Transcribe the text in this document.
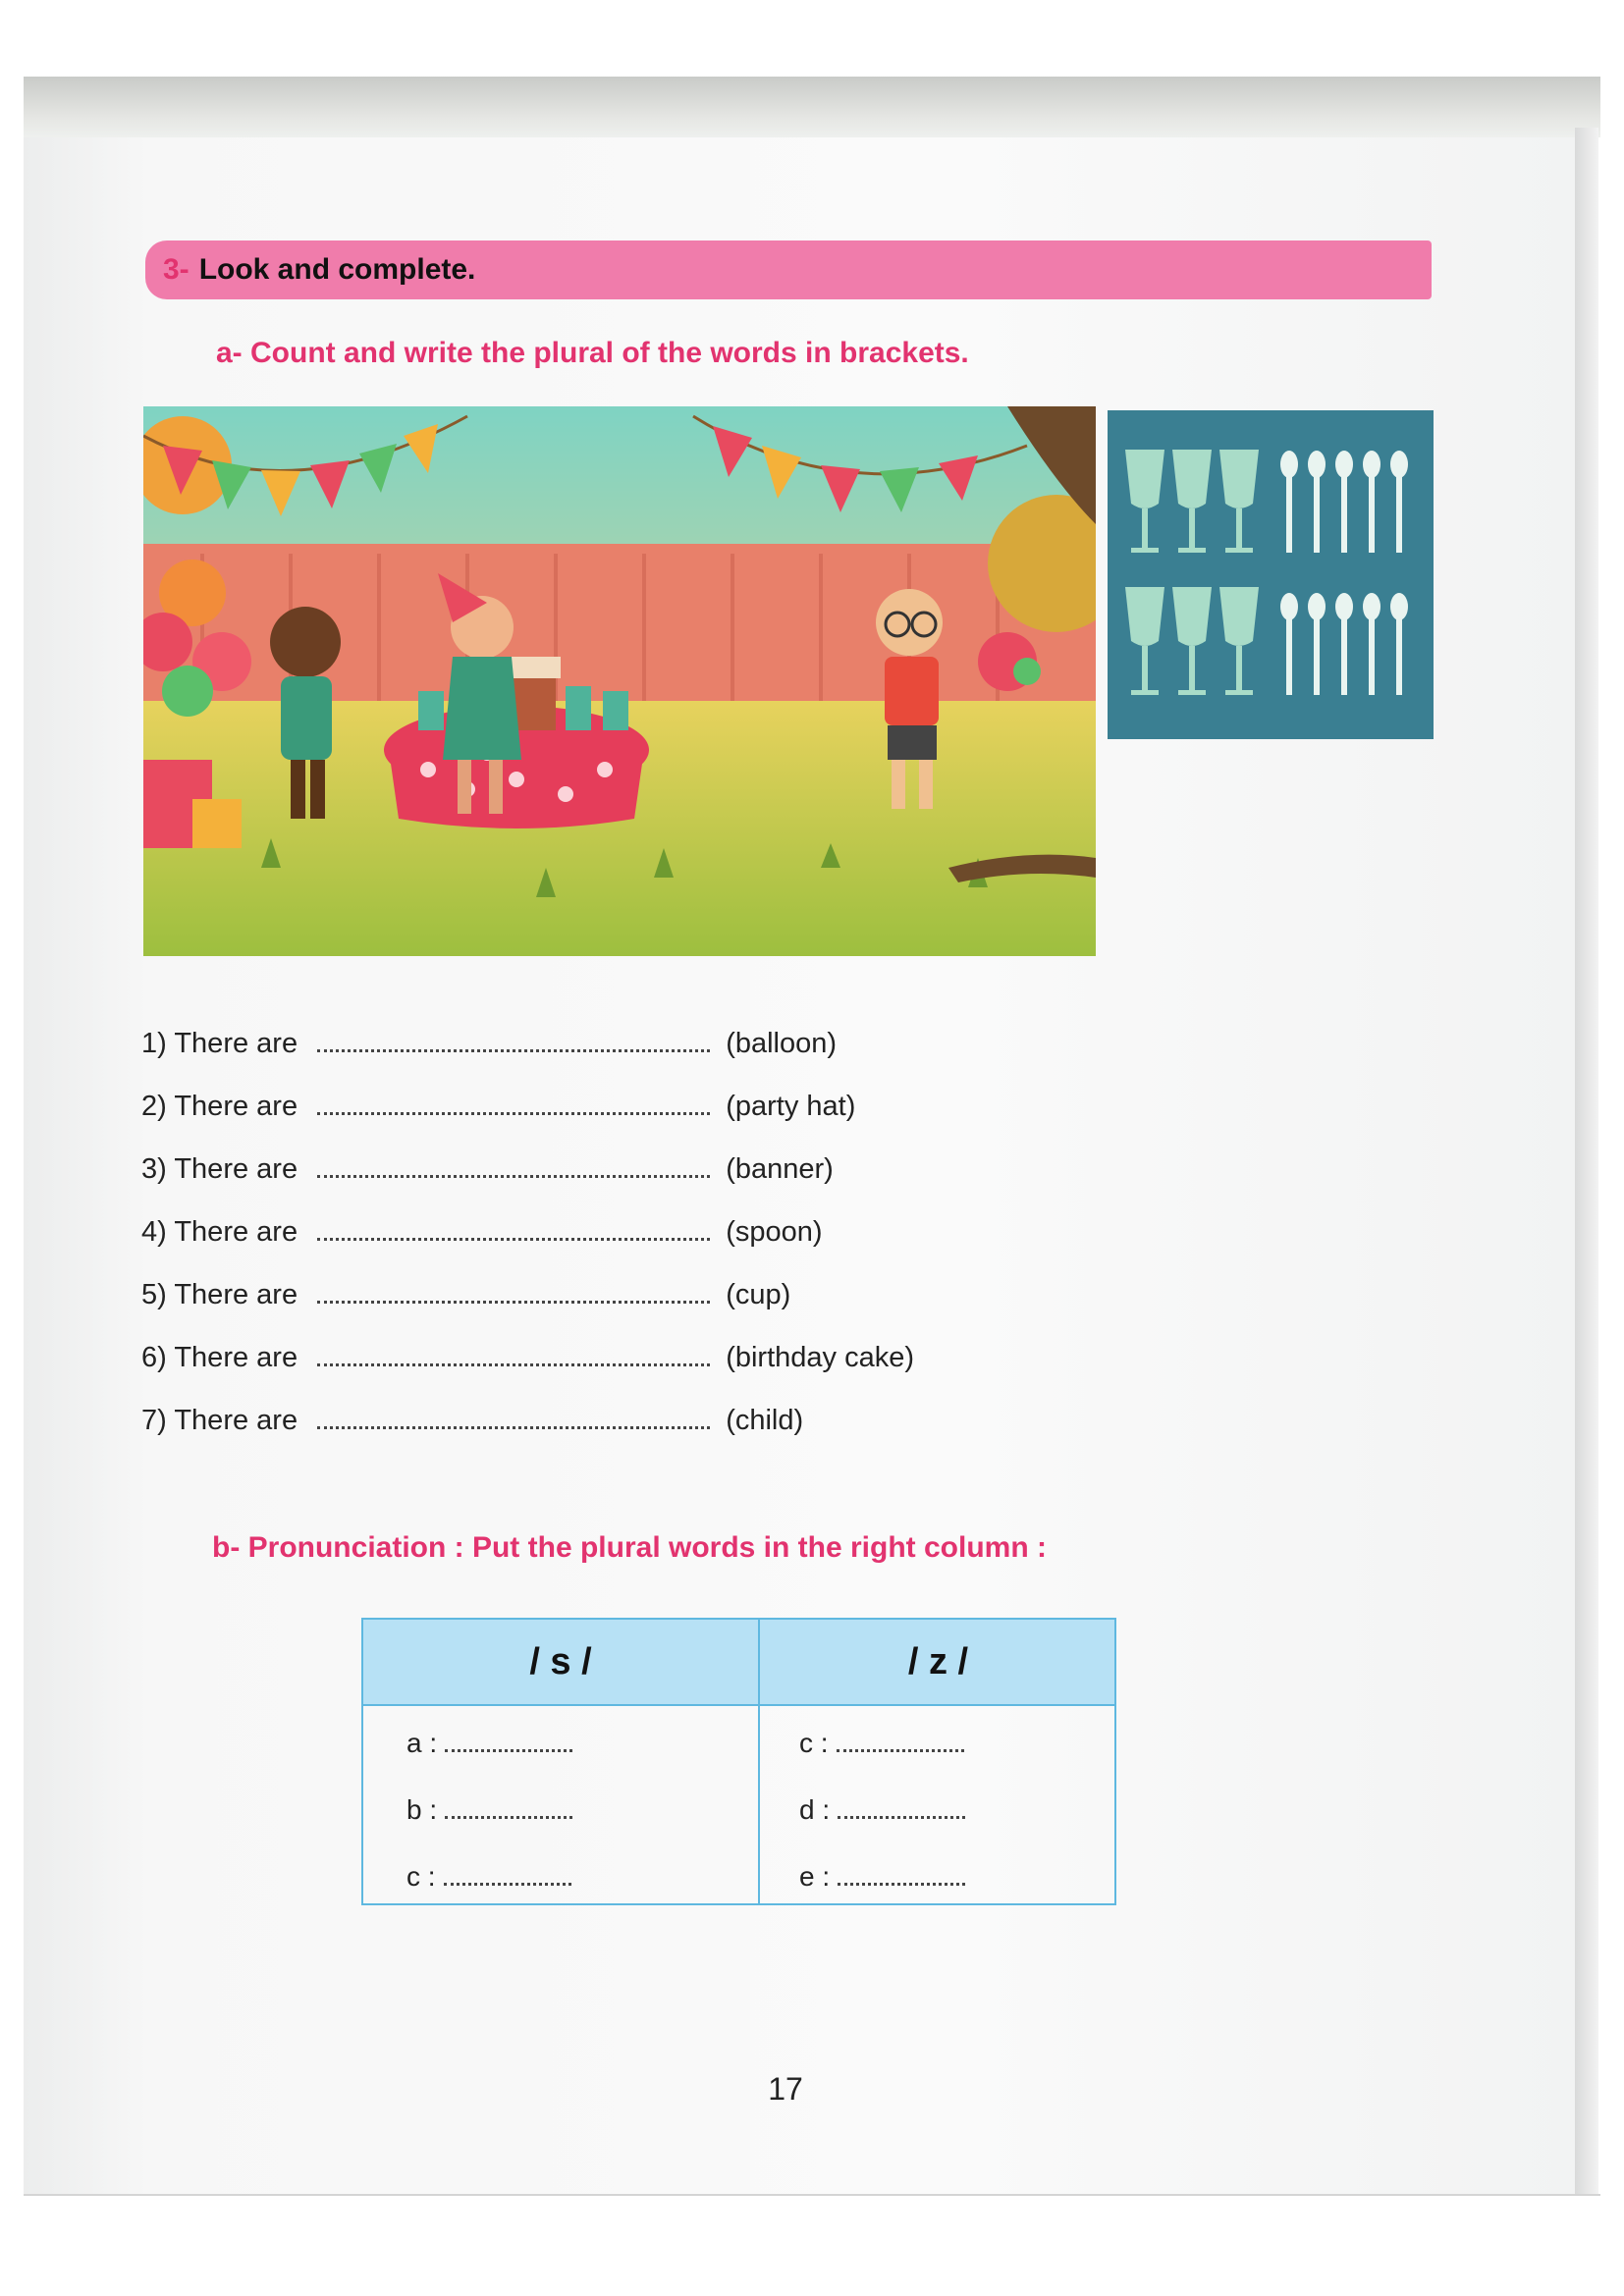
3- Look and complete.
a- Count and write the plural of the words in brackets.
1) There are	(balloon)
2) There are	(party hat)
3) There are	(banner)
4) There are	(spoon)
5) There are	(cup)
6) There are	(birthday cake)
7) There are	(child)
b- Pronunciation : Put the plural words in the right column :
/ s /	/ z /
a :	c :
b :	d :
c :	e :
17
